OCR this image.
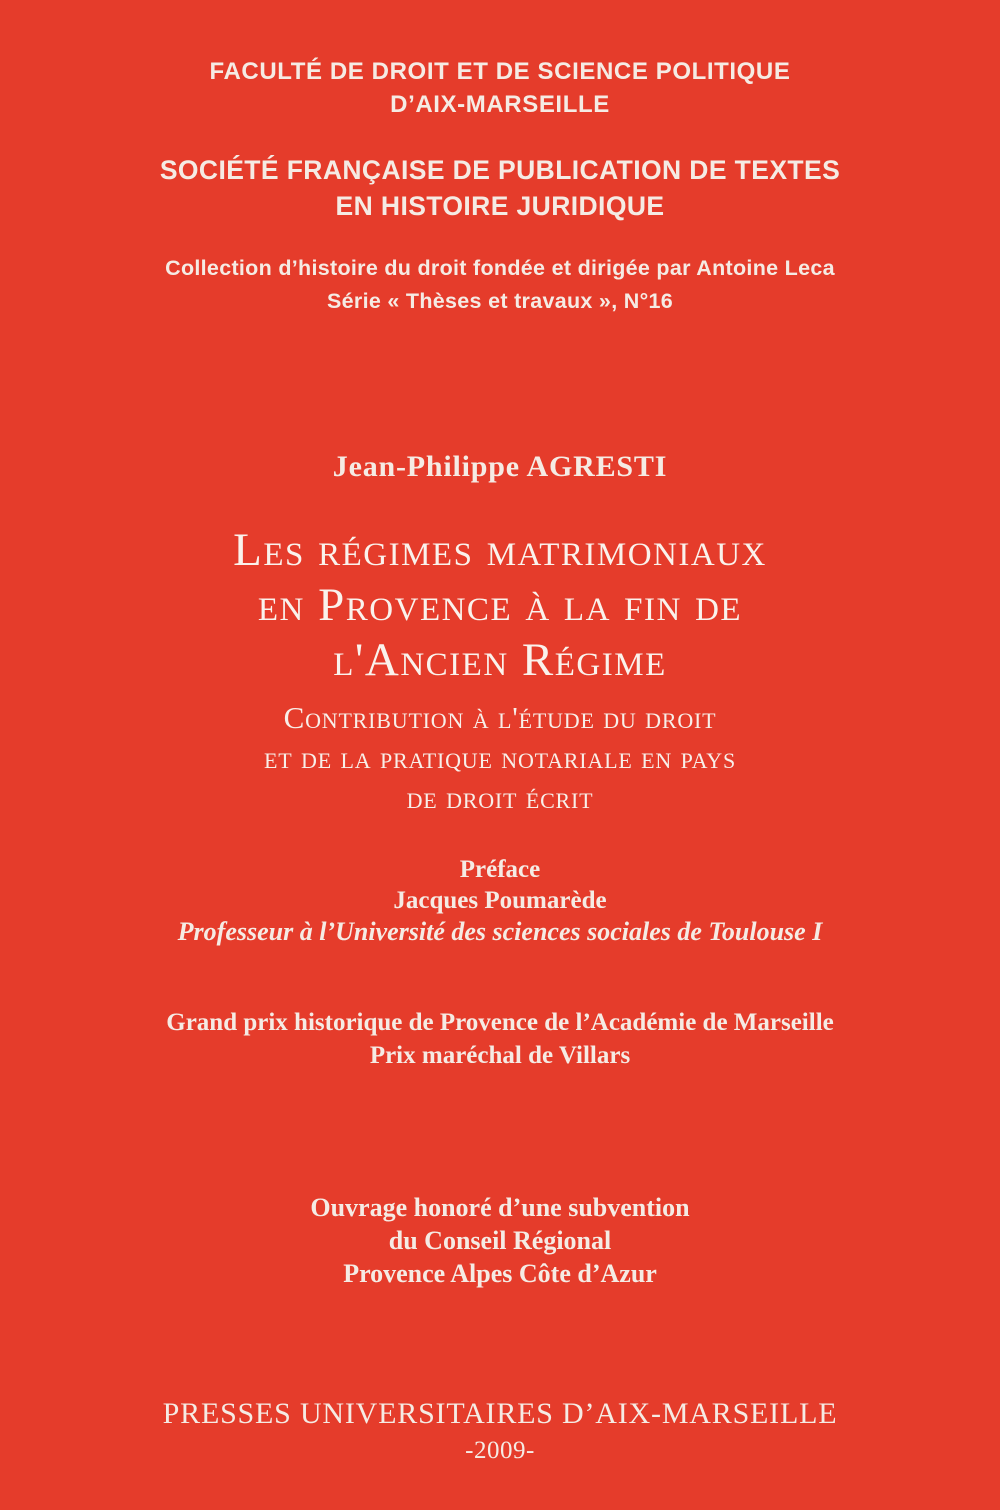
FACULTÉ DE DROIT ET DE SCIENCE POLITIQUE
D’AIX-MARSEILLE
SOCIÉTÉ FRANÇAISE DE PUBLICATION DE TEXTES
EN HISTOIRE JURIDIQUE
Collection d’histoire du droit fondée et dirigée par Antoine Leca
Série « Thèses et travaux », N°16
Jean-Philippe AGRESTI
Les régimes matrimoniaux
en Provence à la fin de
l'Ancien Régime
Contribution à l'étude du droit
et de la pratique notariale en pays
de droit écrit
Préface
Jacques Poumarède
Professeur à l’Université des sciences sociales de Toulouse I
Grand prix historique de Provence de l’Académie de Marseille
Prix maréchal de Villars
Ouvrage honoré d’une subvention
du Conseil Régional
Provence Alpes Côte d’Azur
PRESSES UNIVERSITAIRES D’AIX-MARSEILLE
-2009-
